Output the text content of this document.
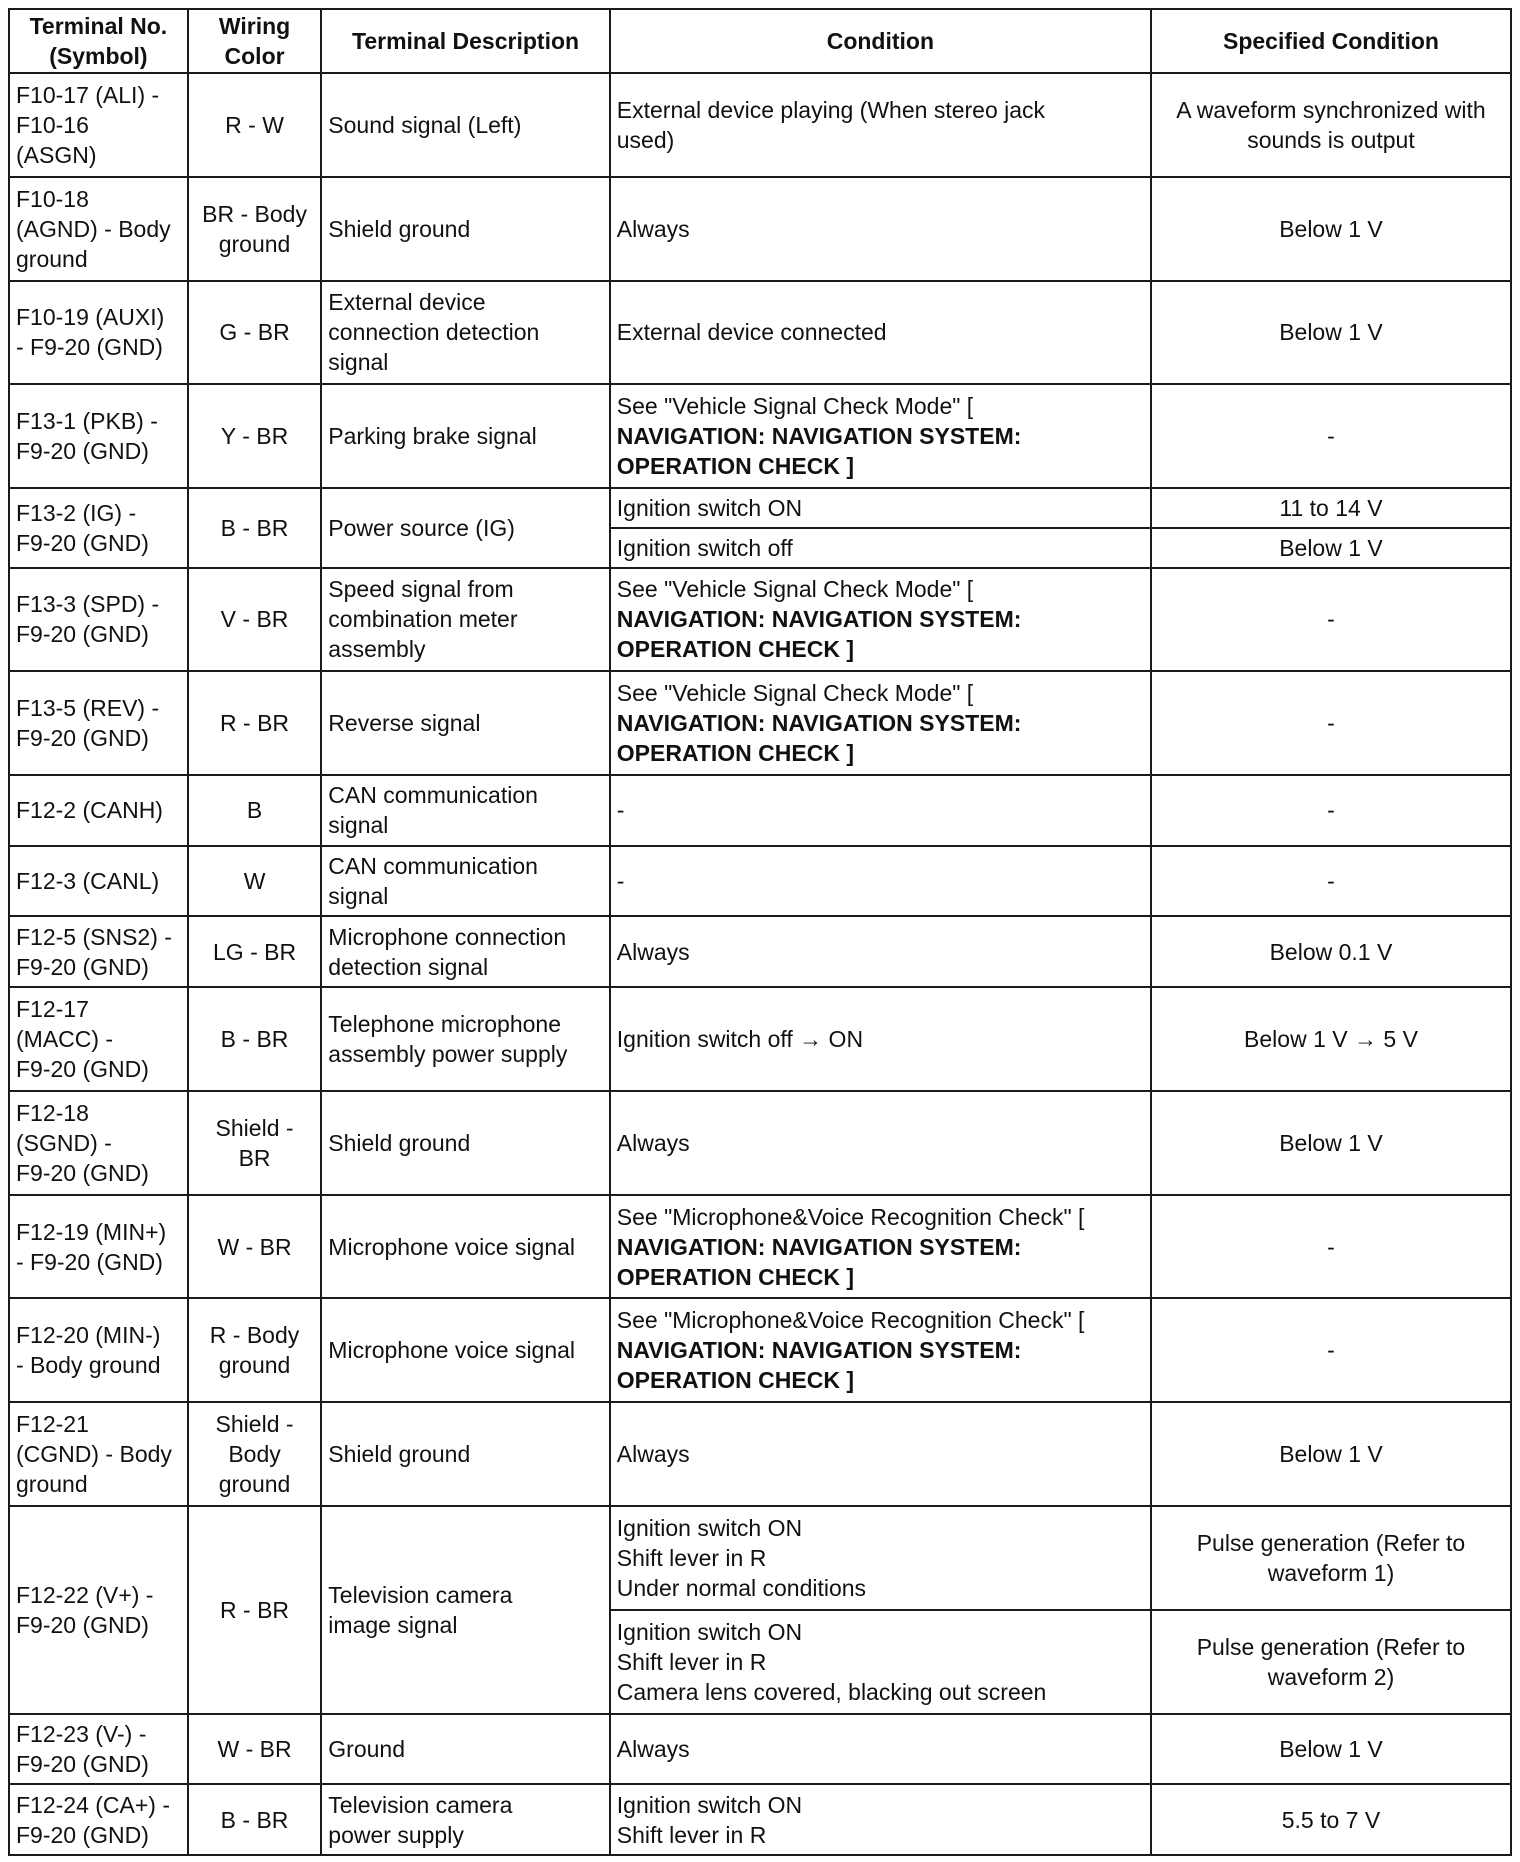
Terminal No.
(Symbol)	Wiring
Color	Terminal Description	Condition	Specified Condition

F10-17 (ALI) -
F10-16
(ASGN)	R - W	Sound signal (Left)	External device playing (When stereo jack
used)	A waveform synchronized with
sounds is output

F10-18
(AGND) - Body
ground	BR - Body
ground	Shield ground	Always	Below 1 V

F10-19 (AUXI)
- F9-20 (GND)	G - BR	External device
connection detection
signal	External device connected	Below 1 V

F13-1 (PKB) -
F9-20 (GND)	Y - BR	Parking brake signal	See "Vehicle Signal Check Mode" [
NAVIGATION: NAVIGATION SYSTEM:
OPERATION CHECK ]	-

F13-2 (IG) -
F9-20 (GND)	B - BR	Power source (IG)	Ignition switch ON	11 to 14 V

			Ignition switch off	Below 1 V

F13-3 (SPD) -
F9-20 (GND)	V - BR	Speed signal from
combination meter
assembly	See "Vehicle Signal Check Mode" [
NAVIGATION: NAVIGATION SYSTEM:
OPERATION CHECK ]	-

F13-5 (REV) -
F9-20 (GND)	R - BR	Reverse signal	See "Vehicle Signal Check Mode" [
NAVIGATION: NAVIGATION SYSTEM:
OPERATION CHECK ]	-

F12-2 (CANH)	B	CAN communication
signal	-	-

F12-3 (CANL)	W	CAN communication
signal	-	-

F12-5 (SNS2) -
F9-20 (GND)	LG - BR	Microphone connection
detection signal	Always	Below 0.1 V

F12-17
(MACC) -
F9-20 (GND)	B - BR	Telephone microphone
assembly power supply	Ignition switch off → ON	Below 1 V → 5 V

F12-18
(SGND) -
F9-20 (GND)	Shield -
BR	Shield ground	Always	Below 1 V

F12-19 (MIN+)
- F9-20 (GND)	W - BR	Microphone voice signal	See "Microphone&Voice Recognition Check" [
NAVIGATION: NAVIGATION SYSTEM:
OPERATION CHECK ]	-

F12-20 (MIN-)
- Body ground	R - Body
ground	Microphone voice signal	See "Microphone&Voice Recognition Check" [
NAVIGATION: NAVIGATION SYSTEM:
OPERATION CHECK ]	-

F12-21
(CGND) - Body
ground	Shield -
Body
ground	Shield ground	Always	Below 1 V

F12-22 (V+) -
F9-20 (GND)	R - BR	Television camera
image signal	Ignition switch ON
Shift lever in R
Under normal conditions	Pulse generation (Refer to
waveform 1)

			Ignition switch ON
Shift lever in R
Camera lens covered, blacking out screen	Pulse generation (Refer to
waveform 2)

F12-23 (V-) -
F9-20 (GND)	W - BR	Ground	Always	Below 1 V

F12-24 (CA+) -
F9-20 (GND)	B - BR	Television camera
power supply	Ignition switch ON
Shift lever in R	5.5 to 7 V
